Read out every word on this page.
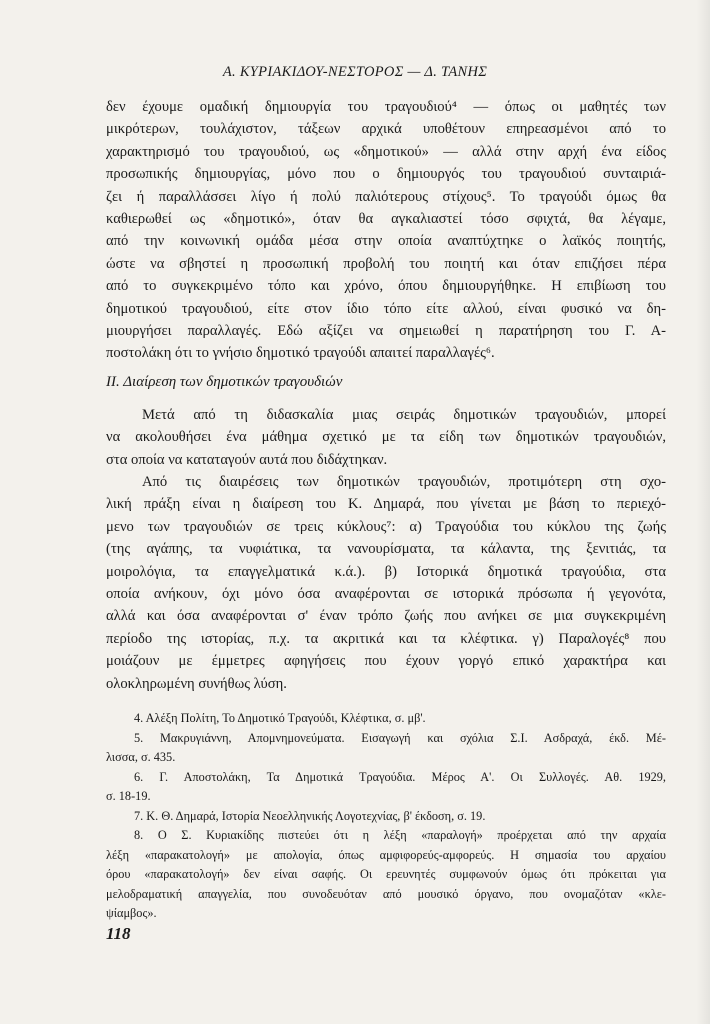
Α. ΚΥΡΙΑΚΙΔΟΥ-ΝΕΣΤΟΡΟΣ — Δ. ΤΑΝΗΣ
δεν έχουμε ομαδική δημιουργία του τραγουδιού⁴ — όπως οι μαθητές των
μικρότερων, τουλάχιστον, τάξεων αρχικά υποθέτουν επηρεασμένοι από το
χαρακτηρισμό του τραγουδιού, ως «δημοτικού» — αλλά στην αρχή ένα είδος
προσωπικής δημιουργίας, μόνο που ο δημιουργός του τραγουδιού συνταιριά-
ζει ή παραλλάσσει λίγο ή πολύ παλιότερους στίχους⁵. Το τραγούδι όμως θα
καθιερωθεί ως «δημοτικό», όταν θα αγκαλιαστεί τόσο σφιχτά, θα λέγαμε,
από την κοινωνική ομάδα μέσα στην οποία αναπτύχτηκε ο λαϊκός ποιητής,
ώστε να σβηστεί η προσωπική προβολή του ποιητή και όταν επιζήσει πέρα
από το συγκεκριμένο τόπο και χρόνο, όπου δημιουργήθηκε. Η επιβίωση του
δημοτικού τραγουδιού, είτε στον ίδιο τόπο είτε αλλού, είναι φυσικό να δη-
μιουργήσει παραλλαγές. Εδώ αξίζει να σημειωθεί η παρατήρηση του Γ. Α-
ποστολάκη ότι το γνήσιο δημοτικό τραγούδι απαιτεί παραλλαγές⁶.
ΙΙ. Διαίρεση των δημοτικών τραγουδιών
Μετά από τη διδασκαλία μιας σειράς δημοτικών τραγουδιών, μπορεί
να ακολουθήσει ένα μάθημα σχετικό με τα είδη των δημοτικών τραγουδιών,
στα οποία να καταταγούν αυτά που διδάχτηκαν.
Από τις διαιρέσεις των δημοτικών τραγουδιών, προτιμότερη στη σχο-
λική πράξη είναι η διαίρεση του Κ. Δημαρά, που γίνεται με βάση το περιεχό-
μενο των τραγουδιών σε τρεις κύκλους⁷: α) Τραγούδια του κύκλου της ζωής
(της αγάπης, τα νυφιάτικα, τα νανουρίσματα, τα κάλαντα, της ξενιτιάς, τα
μοιρολόγια, τα επαγγελματικά κ.ά.). β) Ιστορικά δημοτικά τραγούδια, στα
οποία ανήκουν, όχι μόνο όσα αναφέρονται σε ιστορικά πρόσωπα ή γεγονότα,
αλλά και όσα αναφέρονται σ' έναν τρόπο ζωής που ανήκει σε μια συγκεκριμένη
περίοδο της ιστορίας, π.χ. τα ακριτικά και τα κλέφτικα. γ) Παραλογές⁸ που
μοιάζουν με έμμετρες αφηγήσεις που έχουν γοργό επικό χαρακτήρα και
ολοκληρωμένη συνήθως λύση.
4. Αλέξη Πολίτη, Το Δημοτικό Τραγούδι, Κλέφτικα, σ. μβ'.
5. Μακρυγιάννη, Απομνημονεύματα. Εισαγωγή και σχόλια Σ.Ι. Ασδραχά, έκδ. Μέ-
λισσα, σ. 435.
6. Γ. Αποστολάκη, Τα Δημοτικά Τραγούδια. Μέρος Α'. Οι Συλλογές. Αθ. 1929,
σ. 18-19.
7. Κ. Θ. Δημαρά, Ιστορία Νεοελληνικής Λογοτεχνίας, β' έκδοση, σ. 19.
8. Ο Σ. Κυριακίδης πιστεύει ότι η λέξη «παραλογή» προέρχεται από την αρχαία
λέξη «παρακατολογή» με απολογία, όπως αμφιφορεύς-αμφορεύς. Η σημασία του αρχαίου
όρου «παρακατολογή» δεν είναι σαφής. Οι ερευνητές συμφωνούν όμως ότι πρόκειται για
μελοδραματική απαγγελία, που συνοδευόταν από μουσικό όργανο, που ονομαζόταν «κλε-
ψίαμβος».
118
